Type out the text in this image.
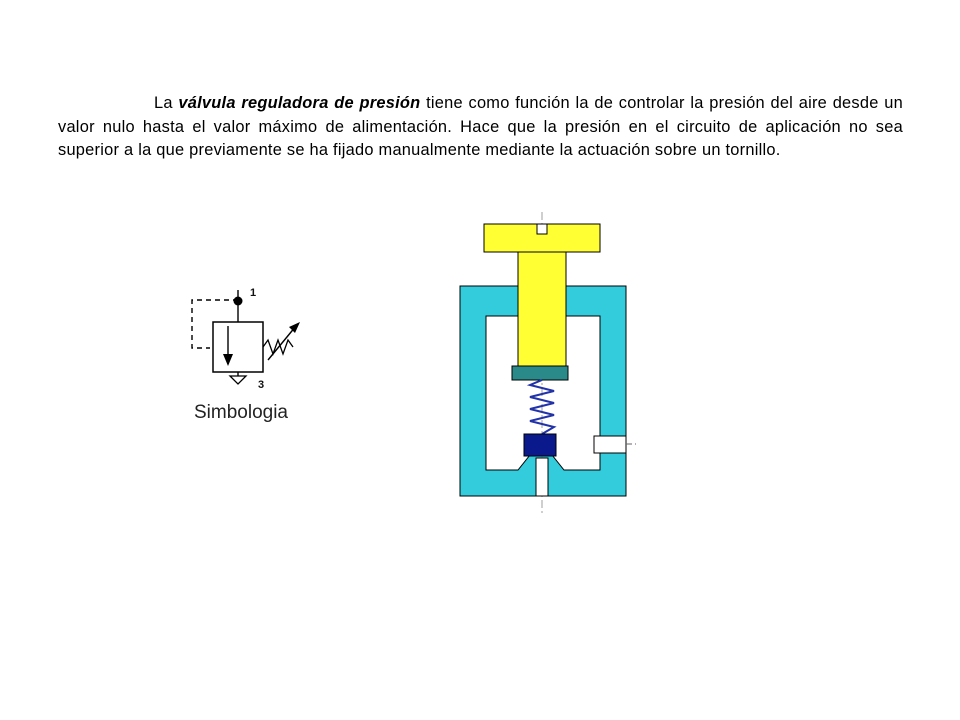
La válvula reguladora de presión tiene como función la de controlar la presión del aire desde un valor nulo hasta el valor máximo de alimentación. Hace que la presión en el circuito de aplicación no sea superior a la que previamente se ha fijado manualmente mediante la actuación sobre un tornillo.

1
3
Simbologia
